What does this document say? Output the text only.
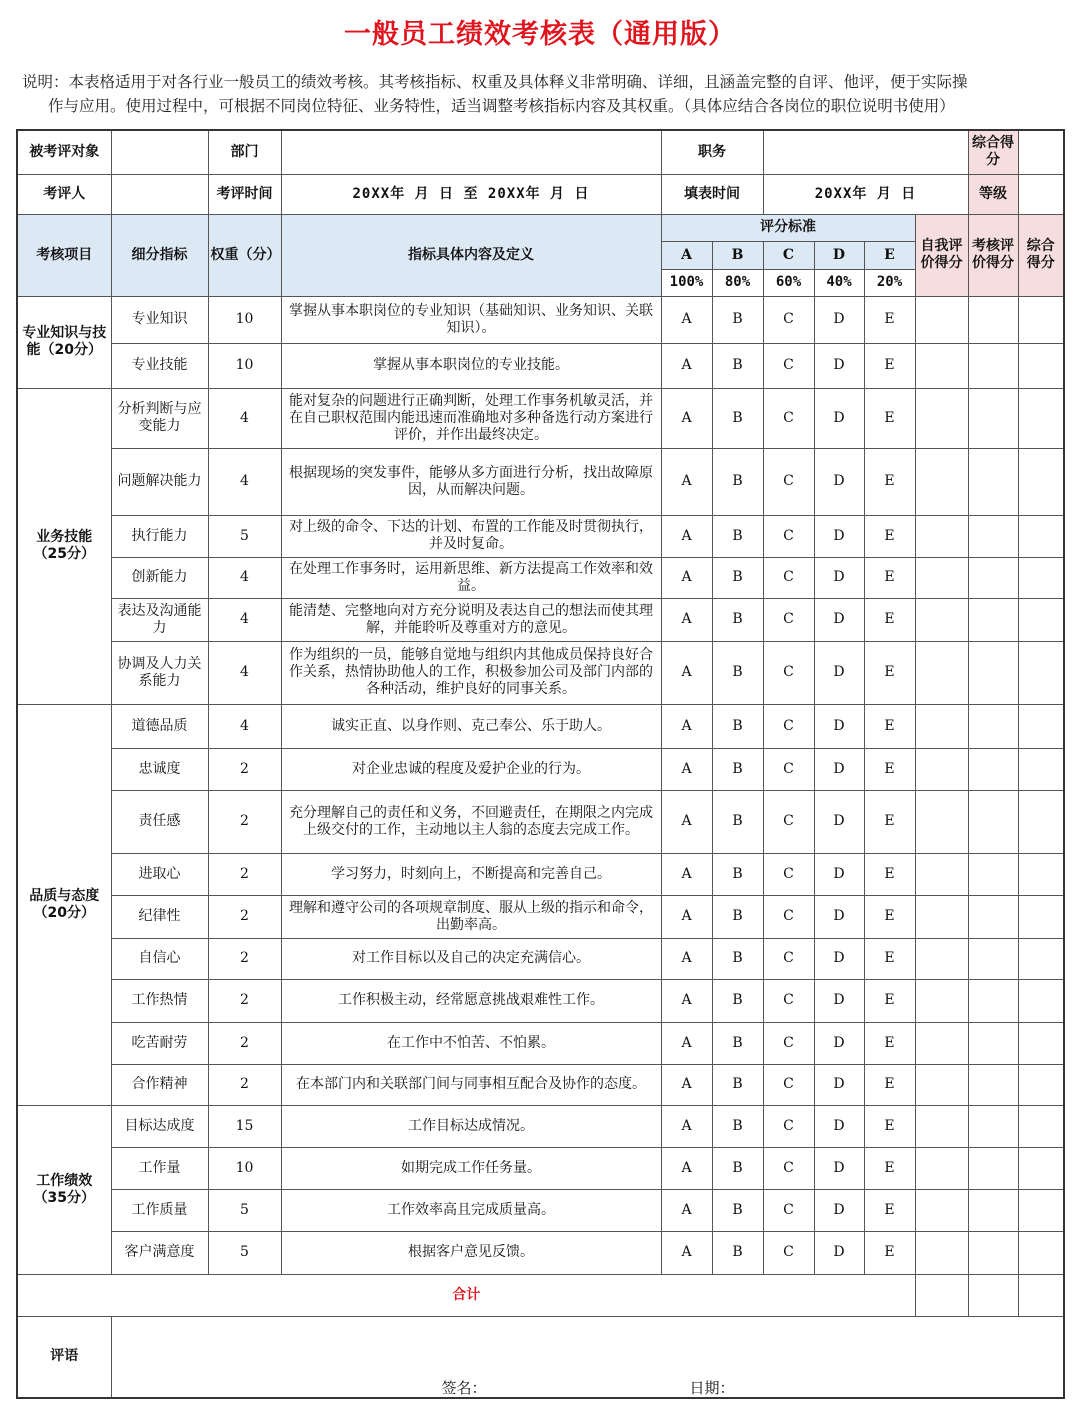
一般员工绩效考核表（通用版）
说明：本表格适用于对各行业一般员工的绩效考核。其考核指标、权重及具体释义非常明确、详细，且涵盖完整的自评、他评，便于实际操

作与应用。使用过程中，可根据不同岗位特征、业务特性，适当调整考核指标内容及其权重。（具体应结合各岗位的职位说明书使用）
被考评对象		部门		职务						综合得分	
考评人		考评时间	20XX年 月 日 至 20XX年 月 日	填表时间		20XX年 月 日				等级	
考核项目	细分指标	权重（分）	指标具体内容及定义	评分标准					自我评价得分	考核评价得分	综合得分
				A	B	C	D	E			
				100%	80%	60%	40%	20%			
专业知识与技能（20分）	专业知识	10	掌握从事本职岗位的专业知识（基础知识、业务知识、关联知识）。	A	B	C	D	E			
	专业技能	10	掌握从事本职岗位的专业技能。	A	B	C	D	E			
业务技能（25分）	分析判断与应变能力	4	能对复杂的问题进行正确判断，处理工作事务机敏灵活，并在自己职权范围内能迅速而准确地对多种备选行动方案进行评价，并作出最终决定。	A	B	C	D	E			
	问题解决能力	4	根据现场的突发事件，能够从多方面进行分析，找出故障原因，从而解决问题。	A	B	C	D	E			
	执行能力	5	对上级的命令、下达的计划、布置的工作能及时贯彻执行，并及时复命。	A	B	C	D	E			
	创新能力	4	在处理工作事务时，运用新思维、新方法提高工作效率和效益。	A	B	C	D	E			
	表达及沟通能力	4	能清楚、完整地向对方充分说明及表达自己的想法而使其理解，并能聆听及尊重对方的意见。	A	B	C	D	E			
	协调及人力关系能力	4	作为组织的一员，能够自觉地与组织内其他成员保持良好合作关系，热情协助他人的工作，积极参加公司及部门内部的各种活动，维护良好的同事关系。	A	B	C	D	E			
品质与态度（20分）	道德品质	4	诚实正直、以身作则、克己奉公、乐于助人。	A	B	C	D	E			
	忠诚度	2	对企业忠诚的程度及爱护企业的行为。	A	B	C	D	E			
	责任感	2	充分理解自己的责任和义务，不回避责任，在期限之内完成上级交付的工作，主动地以主人翁的态度去完成工作。	A	B	C	D	E			
	进取心	2	学习努力，时刻向上，不断提高和完善自己。	A	B	C	D	E			
	纪律性	2	理解和遵守公司的各项规章制度、服从上级的指示和命令，出勤率高。	A	B	C	D	E			
	自信心	2	对工作目标以及自己的决定充满信心。	A	B	C	D	E			
	工作热情	2	工作积极主动，经常愿意挑战艰难性工作。	A	B	C	D	E			
	吃苦耐劳	2	在工作中不怕苦、不怕累。	A	B	C	D	E			
	合作精神	2	在本部门内和关联部门间与同事相互配合及协作的态度。	A	B	C	D	E			
工作绩效（35分）	目标达成度	15	工作目标达成情况。	A	B	C	D	E			
	工作量	10	如期完成工作任务量。	A	B	C	D	E			
	工作质量	5	工作效率高且完成质量高。	A	B	C	D	E			
	客户满意度	5	根据客户意见反馈。	A	B	C	D	E			
合计											
评语	签名： 日期：										
